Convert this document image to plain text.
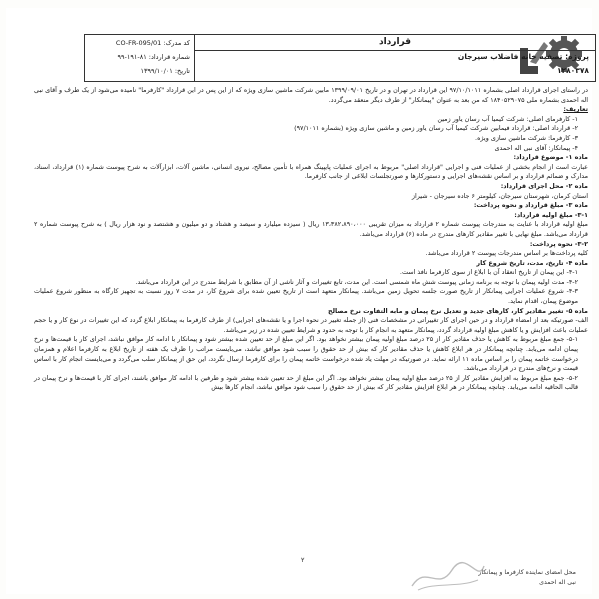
کد مدرک: CO-FR-095/01
شماره قرارداد: ۸۱-۱۹۱-۹۹
تاریخ: ۱۳۹۹/۱۰/۰۱
قرارداد
پروژه: تصفیه خانه فاضلاب سیرجان
۱۲۸۰۳۷۸

در راستای اجرای قرارداد اصلی بشماره ۹۷/۱۰/۱۰۱۱ این قرارداد در تهران و در تاریخ ۱۳۹۹/۰۹/۰۱ مابین شرکت ماشین سازی ویژه که از این پس در این قرارداد "کارفرما" نامیده می‌شود از یک طرف و آقای نبی اله احمدی بشماره ملی ۱۸۴۰۵۲۹۰۷۵ که من بعد به عنوان "پیمانکار" از طرف دیگر منعقد می‌گردد.

تعاریف:

۱- کارفرمای اصلی: شرکت کیمیا آب رسان یاور زمین

۲- قرارداد اصلی: قرارداد فیمابین شرکت کیمیا آب رسان یاور زمین و ماشین سازی ویژه (بشماره ۹۷/۱۰۱۱)

۳- کارفرما: شرکت ماشین سازی ویژه.

۴- پیمانکار: آقای نبی اله احمدی

ماده ۱- موضوع قرارداد:

عبارت است از انجام بخشی از عملیات فنی و اجرایی "قرارداد اصلی" مربوط به اجرای عملیات پایپینگ همراه با تأمین مصالح، نیروی انسانی، ماشین آلات، ابزارآلات به شرح پیوست شماره (۱) قرارداد، اسناد، مدارک و ضمائم قرارداد و بر اساس نقشه‌های اجرایی و دستورکارها و صورتجلسات ابلاغی از جانب کارفرما.

ماده ۲- محل اجرای قرارداد:

استان کرمان، شهرستان سیرجان، کیلومتر ۶ جاده سیرجان - شیراز

ماده ۳- مبلغ قرارداد و نحوه پرداخت:

۳-۱- مبلغ اولیه قرارداد:

مبلغ اولیه قرارداد با عنایت به مندرجات پیوست شماره ۲ قرارداد به میزان تقریبی ۱۳،۳۸۲،۸۹۰،۰۰۰ ریال ( سیزده میلیارد و سیصد و هشتاد و دو میلیون و هشتصد و نود هزار ریال ) به شرح پیوست شماره ۲ قرارداد می‌باشد. مبلغ نهایی با تغییر مقادیر کارهای مندرج در ماده (۶) قرارداد می‌باشد.

۳-۲- نحوه پرداخت:

کلیه پرداخت‌ها بر اساس مندرجات پیوست ۲ قرارداد می‌باشد.

ماده ۴- تاریخ، مدت، تاریخ شروع کار

۴-۱- این پیمان از تاریخ انعقاد آن با ابلاغ از سوی کارفرما نافذ است.

۴-۲- مدت اولیه پیمان با توجه به برنامه زمانی پیوست شش ماه شمسی است. این مدت، تابع تغییرات و آثار ناشی از آن مطابق با شرایط مندرج در این قرارداد می‌باشد.

۴-۳- شروع عملیات اجرایی پیمانکار از تاریخ صورت جلسه تحویل زمین می‌باشد. پیمانکار متعهد است از تاریخ تعیین شده برای شروع کار، در مدت ۷ روز نسبت به تجهیز کارگاه به منظور شروع عملیات موضوع پیمان، اقدام نماید.

ماده ۵- تغییر مقادیر کار، کارهای جدید و تعدیل نرخ پیمان و مابه التفاوت نرخ مصالح

الف- صورتیکه بعد از امضاء قرارداد و در حین اجرای کار تغییراتی در مشخصات فنی (از جمله تغییر در نحوه اجرا و یا نقشه‌های اجرایی) از طرف کارفرما به پیمانکار ابلاغ گردد که این تغییرات در نوع کار و یا حجم عملیات باعث افزایش و یا کاهش مبلغ اولیه قرارداد گردد، پیمانکار متعهد به انجام کار با توجه به حدود و شرایط تعیین شده در زیر می‌باشد.

۵-۱- جمع مبلغ مربوط به کاهش یا حذف مقادیر کار از ۲۵ درصد مبلغ اولیه پیمان بیشتر نخواهد بود. اگر این مبلغ از حد تعیین شده بیشتر شود و پیمانکار با ادامه کار موافق نباشد، اجرای کار با قیمت‌ها و نرخ پیمان ادامه می‌یابد. چنانچه پیمانکار در هر ابلاغ کاهش یا حذف مقادیر کار که بیش از حد حقوق را سبب شود موافق نباشد، می‌بایست مراتب را ظرف یک هفته از تاریخ ابلاغ به کارفرما اعلام و همزمان درخواست خاتمه پیمان را بر اساس ماده ۱۱ ارائه نماید. در صورتیکه در مهلت یاد شده درخواست خاتمه پیمان را برای کارفرما ارسال نگردد، این حق از پیمانکار سلب می‌گردد و می‌بایست انجام کار با اساس قیمت و نرخ‌های مندرج در قرارداد می‌باشد.

۵-۲- جمع مبلغ مربوط به افزایش مقادیر کار از ۲۵ درصد مبلغ اولیه پیمان بیشتر نخواهد بود. اگر این مبلغ از حد تعیین شده بیشتر شود و طرفین با ادامه کار موافق باشند، اجرای کار با قیمت‌ها و نرخ پیمان در قالب الحاقیه ادامه می‌یابد. چنانچه پیمانکار در هر ابلاغ افزایش مقادیر کار که بیش از حد حقوق را سبب شود موافق نباشد، انجام کارها بیش

۲
محل امضای نماینده کارفرما و پیمانکار
نبی اله احمدی
